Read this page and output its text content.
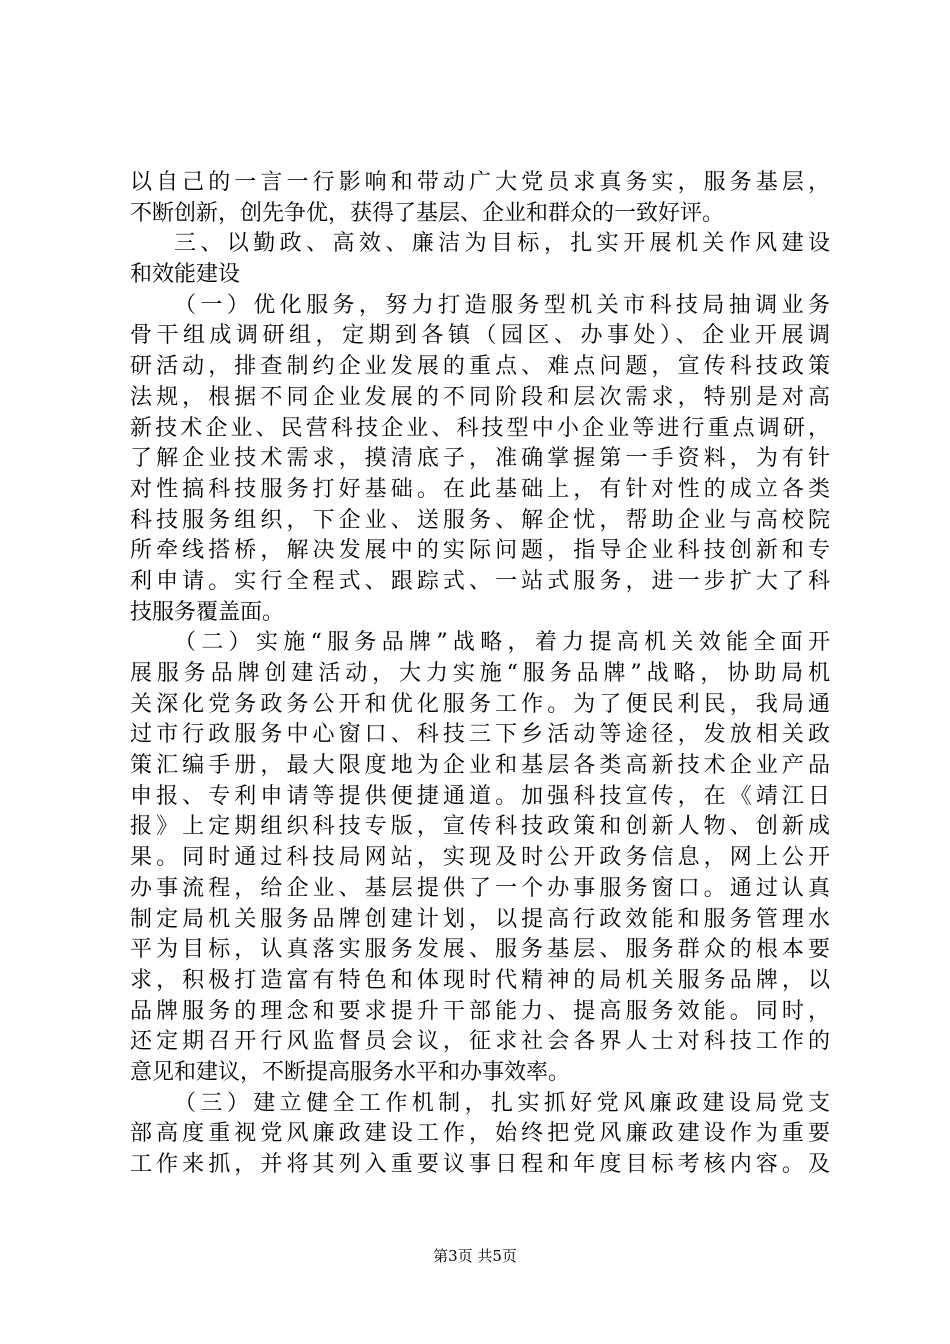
以自己的一言一行影响和带动广大党员求真务实，服务基层，
不断创新，创先争优，获得了基层、企业和群众的一致好评。
三、以勤政、高效、廉洁为目标，扎实开展机关作风建设
和效能建设
（一）优化服务，努力打造服务型机关市科技局抽调业务
骨干组成调研组，定期到各镇（园区、办事处）、企业开展调
研活动，排查制约企业发展的重点、难点问题，宣传科技政策
法规，根据不同企业发展的不同阶段和层次需求，特别是对高
新技术企业、民营科技企业、科技型中小企业等进行重点调研，
了解企业技术需求，摸清底子，准确掌握第一手资料，为有针
对性搞科技服务打好基础。在此基础上，有针对性的成立各类
科技服务组织，下企业、送服务、解企忧，帮助企业与高校院
所牵线搭桥，解决发展中的实际问题，指导企业科技创新和专
利申请。实行全程式、跟踪式、一站式服务，进一步扩大了科
技服务覆盖面。
（二）实施“服务品牌”战略，着力提高机关效能全面开
展服务品牌创建活动，大力实施“服务品牌”战略，协助局机
关深化党务政务公开和优化服务工作。为了便民利民，我局通
过市行政服务中心窗口、科技三下乡活动等途径，发放相关政
策汇编手册，最大限度地为企业和基层各类高新技术企业产品
申报、专利申请等提供便捷通道。加强科技宣传，在《靖江日
报》上定期组织科技专版，宣传科技政策和创新人物、创新成
果。同时通过科技局网站，实现及时公开政务信息，网上公开
办事流程，给企业、基层提供了一个办事服务窗口。通过认真
制定局机关服务品牌创建计划，以提高行政效能和服务管理水
平为目标，认真落实服务发展、服务基层、服务群众的根本要
求，积极打造富有特色和体现时代精神的局机关服务品牌，以
品牌服务的理念和要求提升干部能力、提高服务效能。同时，
还定期召开行风监督员会议，征求社会各界人士对科技工作的
意见和建议，不断提高服务水平和办事效率。
（三）建立健全工作机制，扎实抓好党风廉政建设局党支
部高度重视党风廉政建设工作，始终把党风廉政建设作为重要
工作来抓，并将其列入重要议事日程和年度目标考核内容。及
第3页 共5页
